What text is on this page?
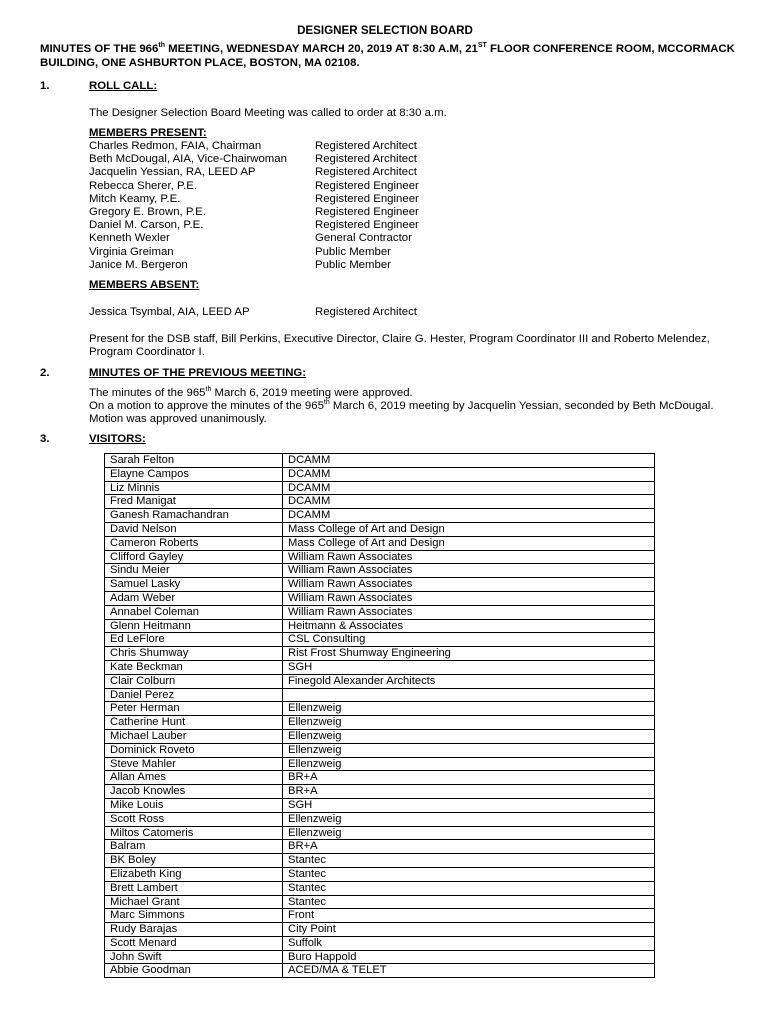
DESIGNER SELECTION BOARD
MINUTES OF THE 966th MEETING, WEDNESDAY MARCH 20, 2019 AT 8:30 A.M, 21ST FLOOR CONFERENCE ROOM, MCCORMACK BUILDING, ONE ASHBURTON PLACE, BOSTON, MA 02108.
1.	ROLL CALL:
The Designer Selection Board Meeting was called to order at 8:30 a.m.
MEMBERS PRESENT:
Charles Redmon, FAIA, Chairman	Registered Architect
Beth McDougal, AIA, Vice-Chairwoman Registered Architect
Jacquelin Yessian, RA, LEED AP	Registered Architect
Rebecca Sherer, P.E.	Registered Engineer
Mitch Keamy, P.E.	Registered Engineer
Gregory E. Brown, P.E.	Registered Engineer
Daniel M. Carson, P.E.	Registered Engineer
Kenneth Wexler	General Contractor
Virginia Greiman	Public Member
Janice M. Bergeron	Public Member
MEMBERS ABSENT:
Jessica Tsymbal, AIA, LEED AP	Registered Architect
Present for the DSB staff, Bill Perkins, Executive Director, Claire G. Hester, Program Coordinator III and Roberto Melendez,
Program Coordinator I.
2.	MINUTES OF THE PREVIOUS MEETING:
The minutes of the 965th March 6, 2019 meeting were approved.
On a motion to approve the minutes of the 965th March 6, 2019 meeting by Jacquelin Yessian, seconded by Beth McDougal.
Motion was approved unanimously.
3.	VISITORS:
Sarah Felton	DCAMM
Elayne Campos	DCAMM
Liz Minnis	DCAMM
Fred Manigat	DCAMM
Ganesh Ramachandran	DCAMM
David Nelson	Mass College of Art and Design
Cameron Roberts	Mass College of Art and Design
Clifford Gayley	William Rawn Associates
Sindu Meier	William Rawn Associates
Samuel Lasky	William Rawn Associates
Adam Weber	William Rawn Associates
Annabel Coleman	William Rawn Associates
Glenn Heitmann	Heitmann & Associates
Ed LeFlore	CSL Consulting
Chris Shumway	Rist Frost Shumway Engineering
Kate Beckman	SGH
Clair Colburn	Finegold Alexander Architects
Daniel Perez	
Peter Herman	Ellenzweig
Catherine Hunt	Ellenzweig
Michael Lauber	Ellenzweig
Dominick Roveto	Ellenzweig
Steve Mahler	Ellenzweig
Allan Ames	BR+A
Jacob Knowles	BR+A
Mike Louis	SGH
Scott Ross	Ellenzweig
Miltos Catomeris	Ellenzweig
Balram	BR+A
BK Boley	Stantec
Elizabeth King	Stantec
Brett Lambert	Stantec
Michael Grant	Stantec
Marc Simmons	Front
Rudy Barajas	City Point
Scott Menard	Suffolk
John Swift	Buro Happold
Abbie Goodman	ACED/MA & TELET
